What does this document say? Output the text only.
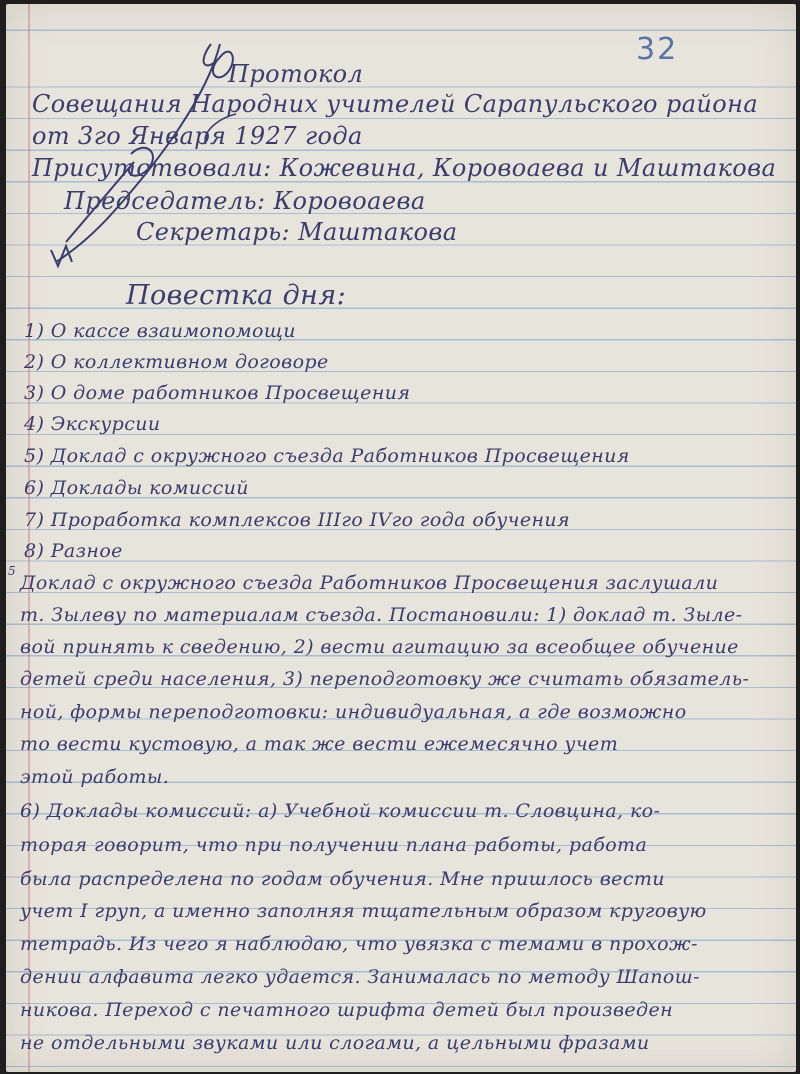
32
Протокол
Совещания Народних учителей Сарапульского района
от 3го Января 1927 года
Присутствовали: Кожевина, Коровоаева и Маштакова
Председатель: Коровоаева
Секретарь: Маштакова
Повестка дня:
1) О кассе взаимопомощи
2) О коллективном договоре
3) О доме работников Просвещения
4) Экскурсии
5) Доклад с окружного съезда Работников Просвещения
6) Доклады комиссий
7) Проработка комплексов IIIго IVго года обучения
8) Разное
5
Доклад с окружного съезда Работников Просвещения заслушали
т. Зылеву по материалам съезда. Постановили: 1) доклад т. Зыле-
вой принять к сведению, 2) вести агитацию за всеобщее обучение
детей среди населения, 3) переподготовку же считать обязатель-
ной, формы переподготовки: индивидуальная, а где возможно
то вести кустовую, а так же вести ежемесячно учет
этой работы.
6) Доклады комиссий: а) Учебной комиссии т. Словцина, ко-
торая говорит, что при получении плана работы, работа
была распределена по годам обучения. Мне пришлось вести
учет I груп, а именно заполняя тщательным образом круговую
тетрадь. Из чего я наблюдаю, что увязка с темами в прохож-
дении алфавита легко удается. Занималась по методу Шапош-
никова. Переход с печатного шрифта детей был произведен
не отдельными звуками или слогами, а цельными фразами
